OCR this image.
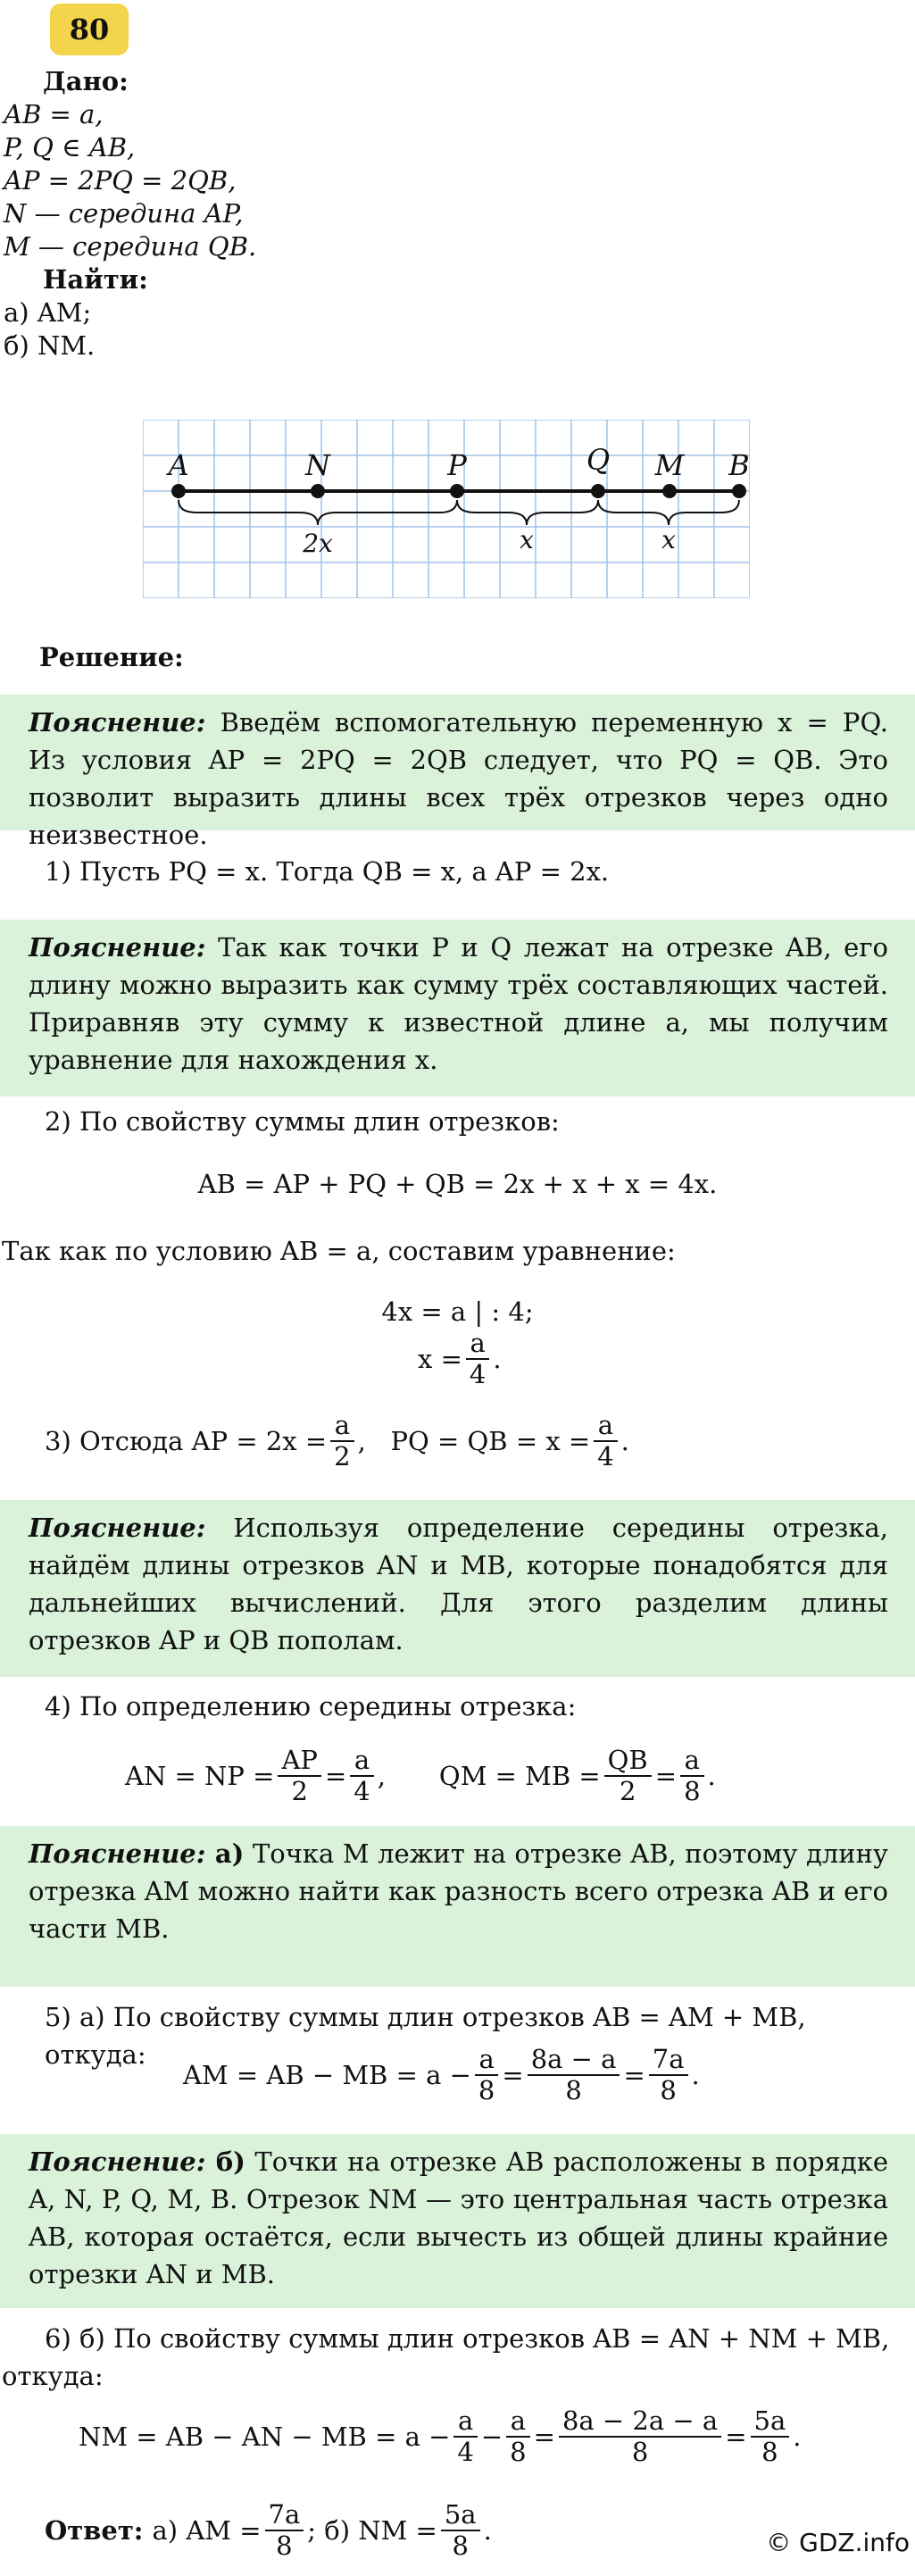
80
Дано:
AB = a,
P, Q ∈ AB,
AP = 2PQ = 2QB,
N — середина AP,
M — середина QB.
Найти:
а) AM;
б) NM.
A	N	P	Q M B
2x	x	x
Решение:
Пояснение: Введём вспомогательную переменную x = PQ. Из условия AP = 2PQ = 2QB следует, что PQ = QB. Это позволит выразить длины всех трёх отрезков через одно неизвестное.
1) Пусть PQ = x. Тогда QB = x, а AP = 2x.
Пояснение: Так как точки P и Q лежат на отрезке AB, его длину можно выразить как сумму трёх составляющих частей. Приравняв эту сумму к известной длине a, мы получим уравнение для нахождения x.
2) По свойству суммы длин отрезков:
AB = AP + PQ + QB = 2x + x + x = 4x.
Так как по условию AB = a, составим уравнение:
4x = a | : 4;
$x = \frac{a}{4}$ .
3) Отсюда AP = $2x = \frac{a}{2}$ ,   PQ = QB = $x = \frac{a}{4}$ .
Пояснение: Используя определение середины отрезка, найдём длины отрезков AN и MB, которые понадобятся для дальнейших вычислений. Для этого разделим длины отрезков AP и QB пополам.
4) По определению середины отрезка:
AN = NP = $\frac{AP}{2} = \frac{a}{4}$ , QM = MB = $\frac{QB}{2} = \frac{a}{8}$ .
Пояснение: а) Точка M лежит на отрезке AB, поэтому длину отрезка AM можно найти как разность всего отрезка AB и его части MB.
5) а) По свойству суммы длин отрезков AB = AM + MB, откуда:
AM = AB − MB = $a - \frac{a}{8} = \frac{8a - a}{8} = \frac{7a}{8}$ .
Пояснение: б) Точки на отрезке AB расположены в порядке A, N, P, Q, M, B. Отрезок NM — это центральная часть отрезка AB, которая остаётся, если вычесть из общей длины крайние отрезки AN и MB.
6) б) По свойству суммы длин отрезков AB = AN + NM + MB, откуда:
NM = AB − AN − MB = $a - \frac{a}{4} - \frac{a}{8} = \frac{8a - 2a - a}{8} = \frac{5a}{8}$ .
Ответ: а) AM = $\frac{7a}{8}$ ; б) NM = $\frac{5a}{8}$ .	© GDZ.info
